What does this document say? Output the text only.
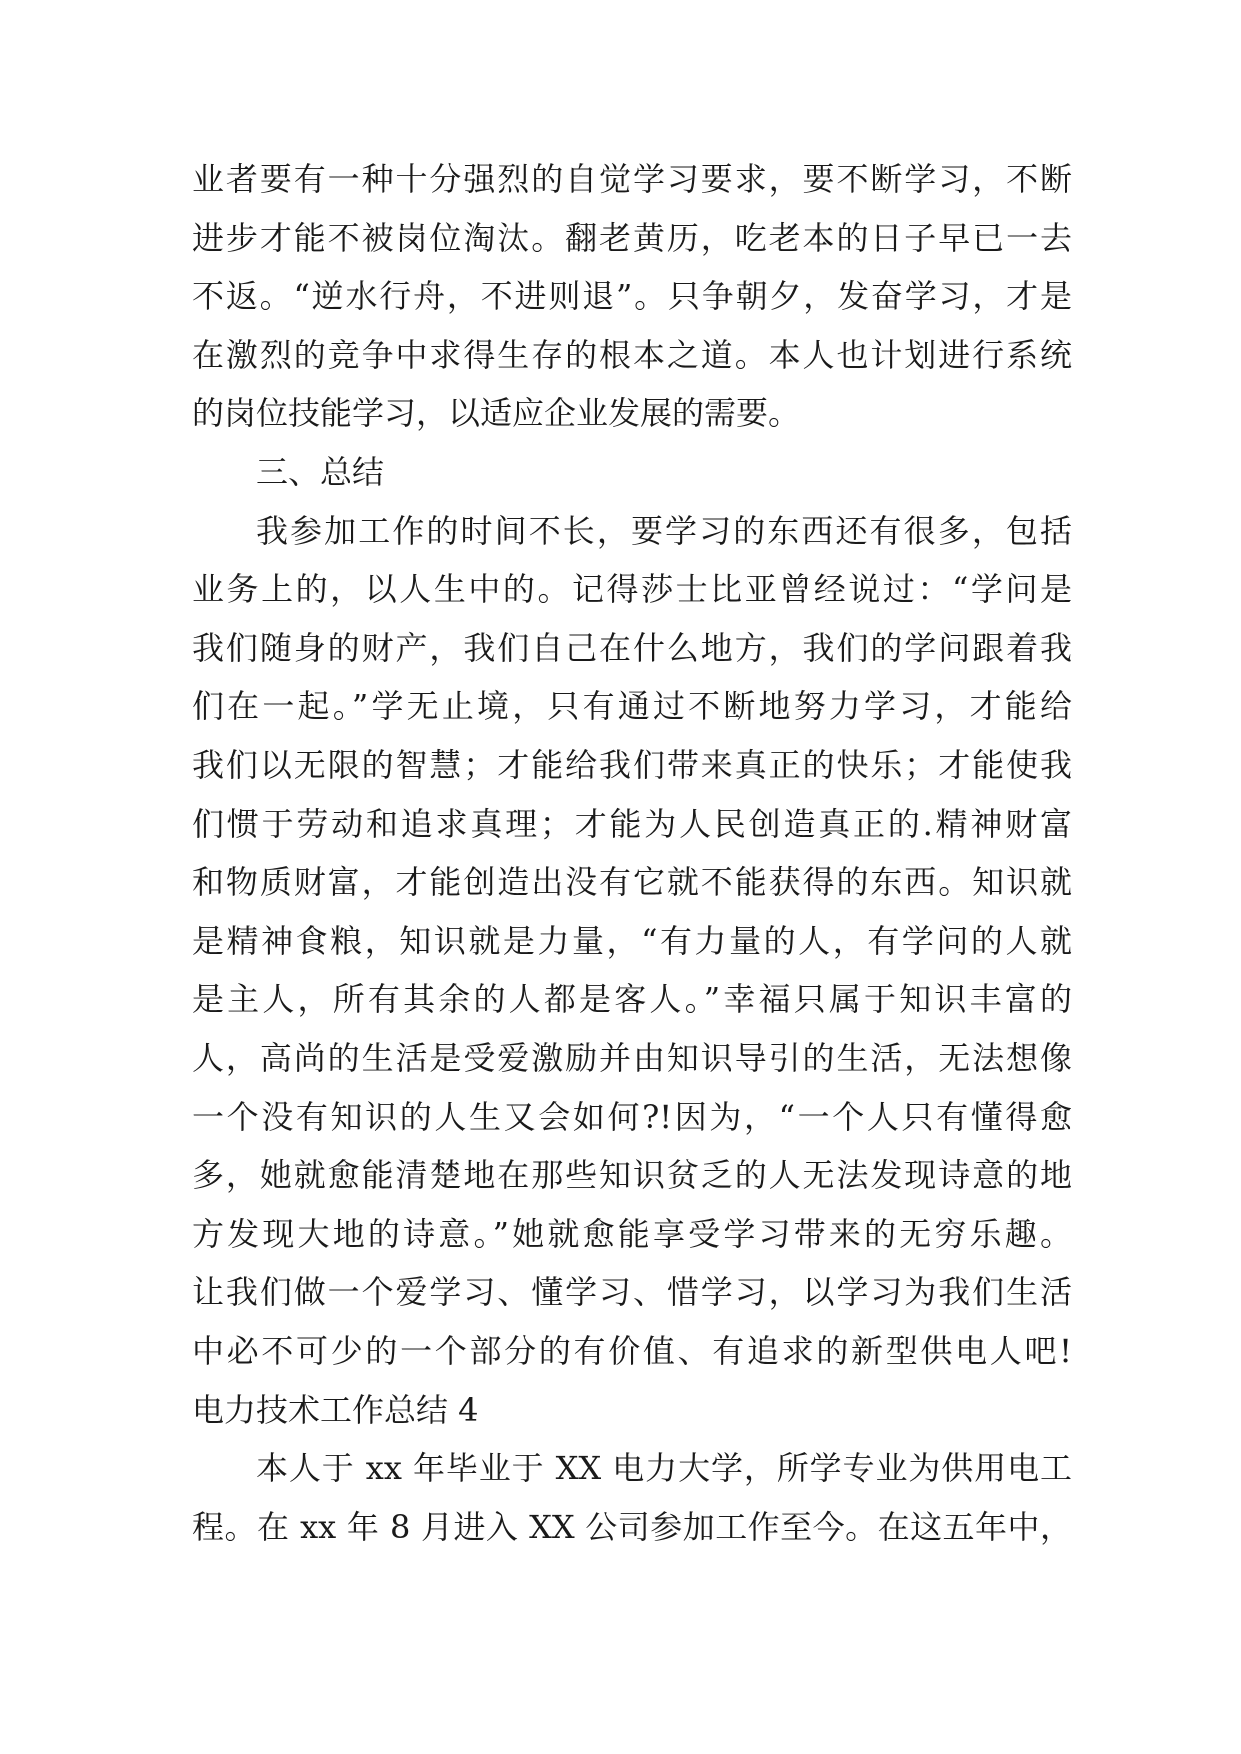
业者要有一种十分强烈的自觉学习要求，要不断学习，不断
进步才能不被岗位淘汰。翻老黄历，吃老本的日子早已一去
不返。“逆水行舟，不进则退”。只争朝夕，发奋学习，才是
在激烈的竞争中求得生存的根本之道。本人也计划进行系统
的岗位技能学习，以适应企业发展的需要。
三、总结
我参加工作的时间不长，要学习的东西还有很多，包括
业务上的，以人生中的。记得莎士比亚曾经说过：“学问是
我们随身的财产，我们自己在什么地方，我们的学问跟着我
们在一起。”学无止境，只有通过不断地努力学习，才能给
我们以无限的智慧；才能给我们带来真正的快乐；才能使我
们惯于劳动和追求真理；才能为人民创造真正的.精神财富
和物质财富，才能创造出没有它就不能获得的东西。知识就
是精神食粮，知识就是力量，“有力量的人，有学问的人就
是主人，所有其余的人都是客人。”幸福只属于知识丰富的
人，高尚的生活是受爱激励并由知识导引的生活，无法想像
一个没有知识的人生又会如何?!因为，“一个人只有懂得愈
多，她就愈能清楚地在那些知识贫乏的人无法发现诗意的地
方发现大地的诗意。”她就愈能享受学习带来的无穷乐趣。
让我们做一个爱学习、懂学习、惜学习，以学习为我们生活
中必不可少的一个部分的有价值、有追求的新型供电人吧!
电力技术工作总结 4
本人于 xx 年毕业于 XX 电力大学，所学专业为供用电工
程。在 xx 年 8 月进入 XX 公司参加工作至今。在这五年中，
